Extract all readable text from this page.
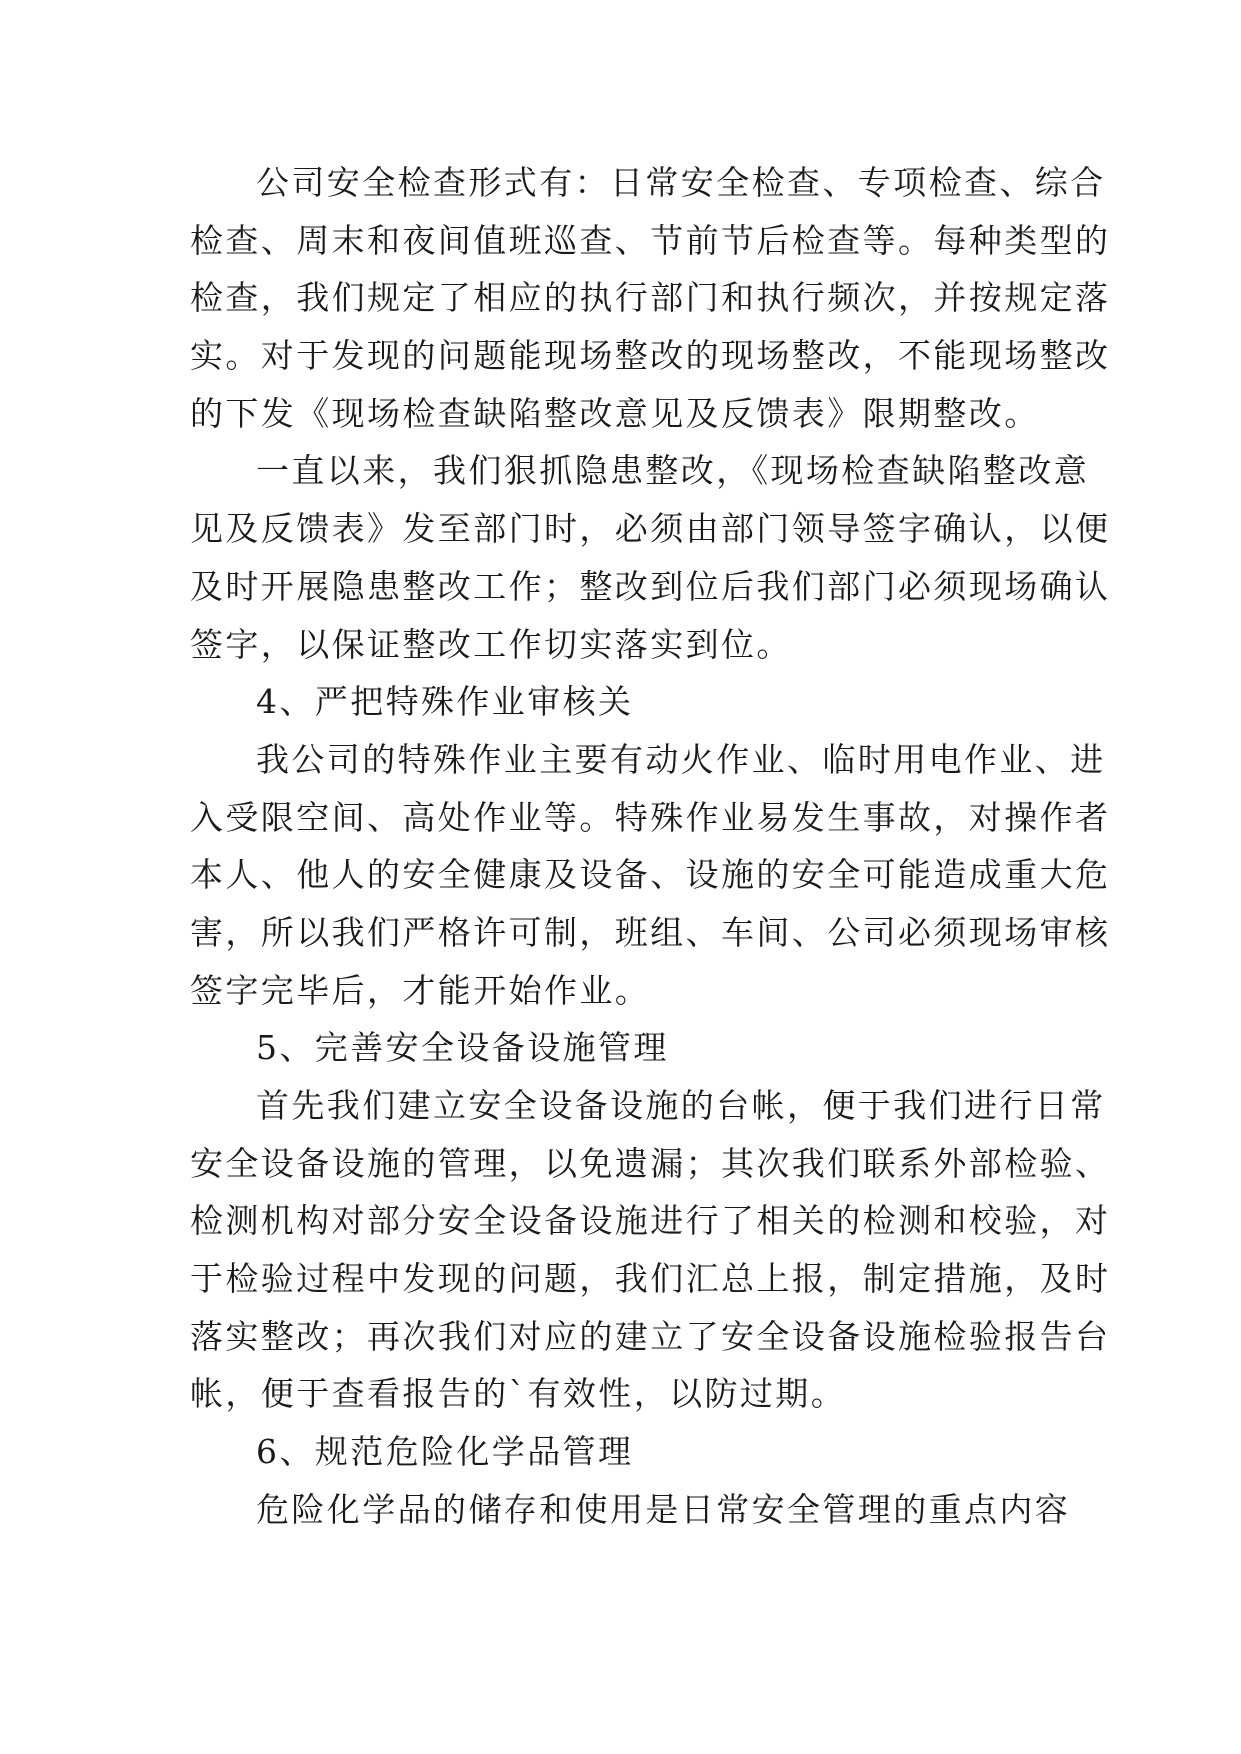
公司安全检查形式有：日常安全检查、专项检查、综合
检查、周末和夜间值班巡查、节前节后检查等。每种类型的
检查，我们规定了相应的执行部门和执行频次，并按规定落
实。对于发现的问题能现场整改的现场整改，不能现场整改
的下发《现场检查缺陷整改意见及反馈表》限期整改。
一直以来，我们狠抓隐患整改，《现场检查缺陷整改意
见及反馈表》发至部门时，必须由部门领导签字确认，以便
及时开展隐患整改工作；整改到位后我们部门必须现场确认
签字，以保证整改工作切实落实到位。
4、严把特殊作业审核关
我公司的特殊作业主要有动火作业、临时用电作业、进
入受限空间、高处作业等。特殊作业易发生事故，对操作者
本人、他人的安全健康及设备、设施的安全可能造成重大危
害，所以我们严格许可制，班组、车间、公司必须现场审核
签字完毕后，才能开始作业。
5、完善安全设备设施管理
首先我们建立安全设备设施的台帐，便于我们进行日常
安全设备设施的管理，以免遗漏；其次我们联系外部检验、
检测机构对部分安全设备设施进行了相关的检测和校验，对
于检验过程中发现的问题，我们汇总上报，制定措施，及时
落实整改；再次我们对应的建立了安全设备设施检验报告台
帐，便于查看报告的`有效性，以防过期。
6、规范危险化学品管理
危险化学品的储存和使用是日常安全管理的重点内容
